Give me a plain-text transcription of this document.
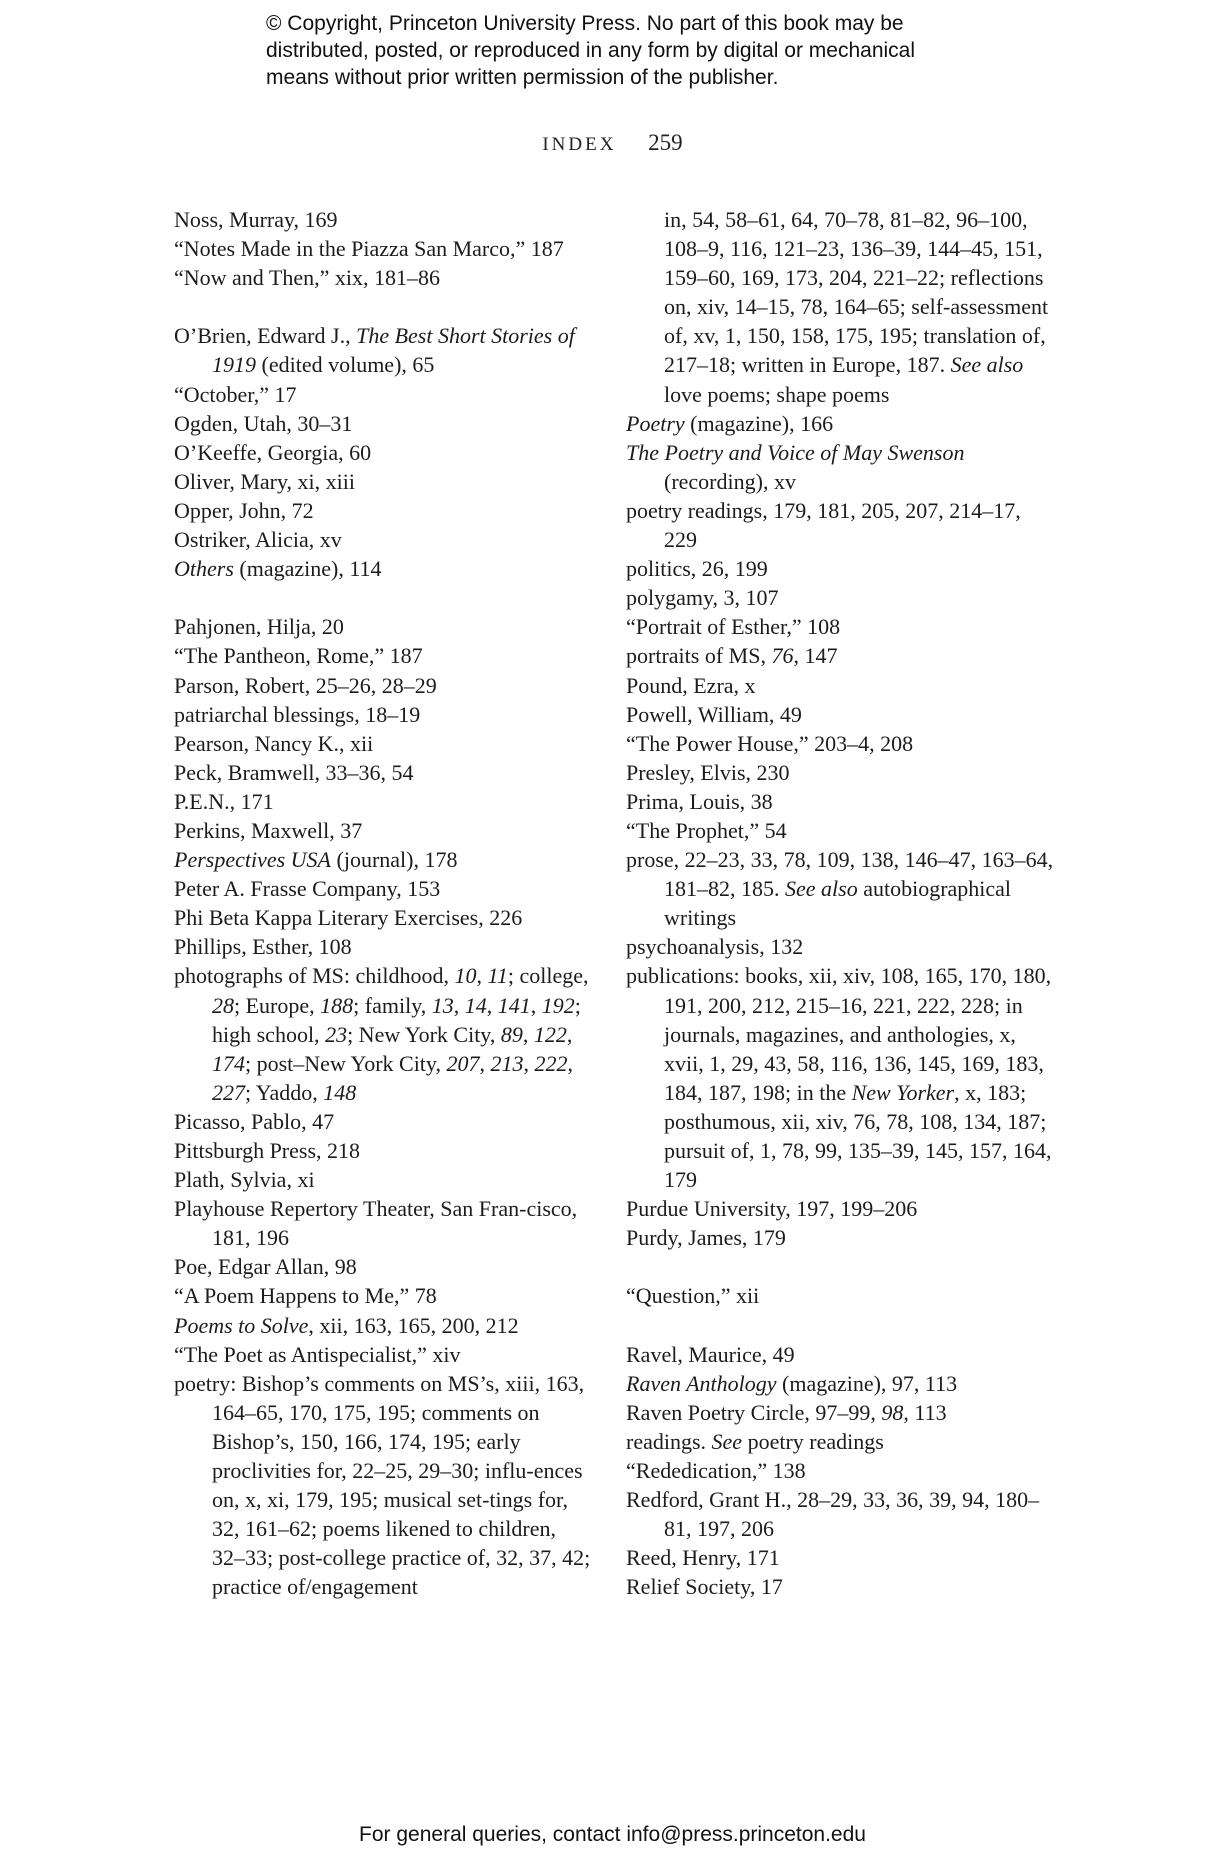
© Copyright, Princeton University Press. No part of this book may be
distributed, posted, or reproduced in any form by digital or mechanical
means without prior written permission of the publisher.
INDEX 259
Noss, Murray, 169
“Notes Made in the Piazza San Marco,” 187
“Now and Then,” xix, 181–86
O’Brien, Edward J., The Best Short Stories of 1919 (edited volume), 65
“October,” 17
Ogden, Utah, 30–31
O’Keeffe, Georgia, 60
Oliver, Mary, xi, xiii
Opper, John, 72
Ostriker, Alicia, xv
Others (magazine), 114
Pahjonen, Hilja, 20
“The Pantheon, Rome,” 187
Parson, Robert, 25–26, 28–29
patriarchal blessings, 18–19
Pearson, Nancy K., xii
Peck, Bramwell, 33–36, 54
P.E.N., 171
Perkins, Maxwell, 37
Perspectives USA (journal), 178
Peter A. Frasse Company, 153
Phi Beta Kappa Literary Exercises, 226
Phillips, Esther, 108
photographs of MS: childhood, 10, 11; college, 28; Europe, 188; family, 13, 14, 141, 192; high school, 23; New York City, 89, 122, 174; post–New York City, 207, 213, 222, 227; Yaddo, 148
Picasso, Pablo, 47
Pittsburgh Press, 218
Plath, Sylvia, xi
Playhouse Repertory Theater, San Fran-cisco, 181, 196
Poe, Edgar Allan, 98
“A Poem Happens to Me,” 78
Poems to Solve, xii, 163, 165, 200, 212
“The Poet as Antispecialist,” xiv
poetry: Bishop’s comments on MS’s, xiii, 163, 164–65, 170, 175, 195; comments on Bishop’s, 150, 166, 174, 195; early proclivities for, 22–25, 29–30; influ-ences on, x, xi, 179, 195; musical set-tings for, 32, 161–62; poems likened to children, 32–33; post-college practice of, 32, 37, 42; practice of/engagement
in, 54, 58–61, 64, 70–78, 81–82, 96–100, 108–9, 116, 121–23, 136–39, 144–45, 151, 159–60, 169, 173, 204, 221–22; reflections on, xiv, 14–15, 78, 164–65; self-assessment of, xv, 1, 150, 158, 175, 195; translation of, 217–18; written in Europe, 187. See also love poems; shape poems
Poetry (magazine), 166
The Poetry and Voice of May Swenson (recording), xv
poetry readings, 179, 181, 205, 207, 214–17, 229
politics, 26, 199
polygamy, 3, 107
“Portrait of Esther,” 108
portraits of MS, 76, 147
Pound, Ezra, x
Powell, William, 49
“The Power House,” 203–4, 208
Presley, Elvis, 230
Prima, Louis, 38
“The Prophet,” 54
prose, 22–23, 33, 78, 109, 138, 146–47, 163–64, 181–82, 185. See also autobiographical writings
psychoanalysis, 132
publications: books, xii, xiv, 108, 165, 170, 180, 191, 200, 212, 215–16, 221, 222, 228; in journals, magazines, and anthologies, x, xvii, 1, 29, 43, 58, 116, 136, 145, 169, 183, 184, 187, 198; in the New Yorker, x, 183; posthumous, xii, xiv, 76, 78, 108, 134, 187; pursuit of, 1, 78, 99, 135–39, 145, 157, 164, 179
Purdue University, 197, 199–206
Purdy, James, 179
“Question,” xii
Ravel, Maurice, 49
Raven Anthology (magazine), 97, 113
Raven Poetry Circle, 97–99, 98, 113
readings. See poetry readings
“Rededication,” 138
Redford, Grant H., 28–29, 33, 36, 39, 94, 180–81, 197, 206
Reed, Henry, 171
Relief Society, 17
For general queries, contact info@press.princeton.edu
